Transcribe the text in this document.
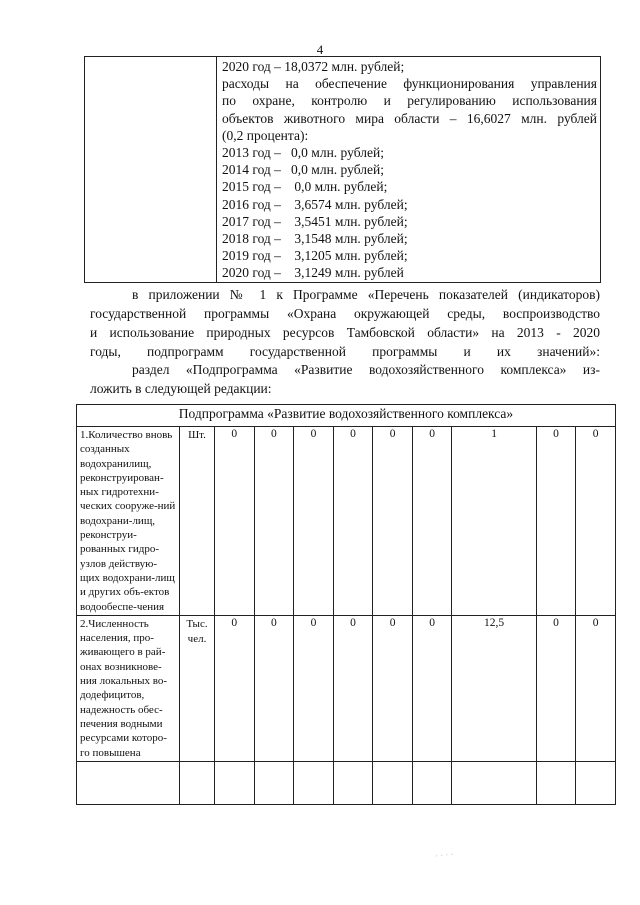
4
2020 год – 18,0372 млн. рублей;
расходы на обеспечение функционирования управления
по охране, контролю и регулированию использования
объектов животного мира области – 16,6027 млн. рублей
(0,2 процента):
2013 год –   0,0 млн. рублей;
2014 год –   0,0 млн. рублей;
2015 год –    0,0 млн. рублей;
2016 год –    3,6574 млн. рублей;
2017 год –    3,5451 млн. рублей;
2018 год –    3,1548 млн. рублей;
2019 год –    3,1205 млн. рублей;
2020 год –    3,1249 млн. рублей
в приложении № 1 к Программе «Перечень показателей (индикаторов)
государственной программы «Охрана окружающей среды, воспроизводство
и использование природных ресурсов Тамбовской области» на 2013 - 2020
годы, подпрограмм государственной программы и их значений»:
раздел «Подпрограмма «Развитие водохозяйственного комплекса» из-
ложить в следующей редакции:
Подпрограмма «Развитие водохозяйственного комплекса»										
1.Количество вновь созданных водохранилищ, реконструирован-ных гидротехни-ческих сооруже-ний водохрани-лищ, реконструи-рованных гидро-узлов действую-щих водохрани-лищ и других объ-ектов водообеспе-чения	Шт.	0	0	0	0	0	0	1	0	0
2.Численность населения, про-живающего в рай-онах возникнове-ния локальных во-додефицитов, надежность обес-печения водными ресурсами которо-го повышена	Тыс. чел.	0	0	0	0	0	0	12,5	0	0

· · · ·
